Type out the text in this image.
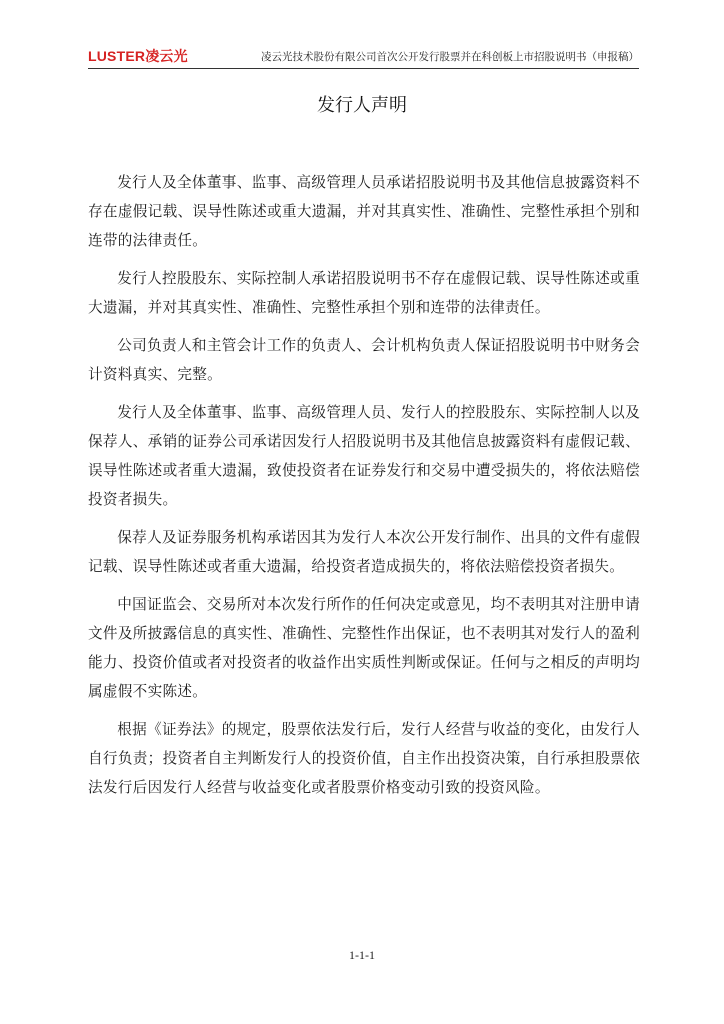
LUSTER凌云光	凌云光技术股份有限公司首次公开发行股票并在科创板上市招股说明书（申报稿）
发行人声明

发行人及全体董事、监事、高级管理人员承诺招股说明书及其他信息披露资料不存在虚假记载、误导性陈述或重大遗漏，并对其真实性、准确性、完整性承担个别和连带的法律责任。

发行人控股股东、实际控制人承诺招股说明书不存在虚假记载、误导性陈述或重大遗漏，并对其真实性、准确性、完整性承担个别和连带的法律责任。

公司负责人和主管会计工作的负责人、会计机构负责人保证招股说明书中财务会计资料真实、完整。

发行人及全体董事、监事、高级管理人员、发行人的控股股东、实际控制人以及保荐人、承销的证券公司承诺因发行人招股说明书及其他信息披露资料有虚假记载、误导性陈述或者重大遗漏，致使投资者在证券发行和交易中遭受损失的，将依法赔偿投资者损失。

保荐人及证券服务机构承诺因其为发行人本次公开发行制作、出具的文件有虚假记载、误导性陈述或者重大遗漏，给投资者造成损失的，将依法赔偿投资者损失。

中国证监会、交易所对本次发行所作的任何决定或意见，均不表明其对注册申请文件及所披露信息的真实性、准确性、完整性作出保证，也不表明其对发行人的盈利能力、投资价值或者对投资者的收益作出实质性判断或保证。任何与之相反的声明均属虚假不实陈述。

根据《证券法》的规定，股票依法发行后，发行人经营与收益的变化，由发行人自行负责；投资者自主判断发行人的投资价值，自主作出投资决策，自行承担股票依法发行后因发行人经营与收益变化或者股票价格变动引致的投资风险。

1-1-1
